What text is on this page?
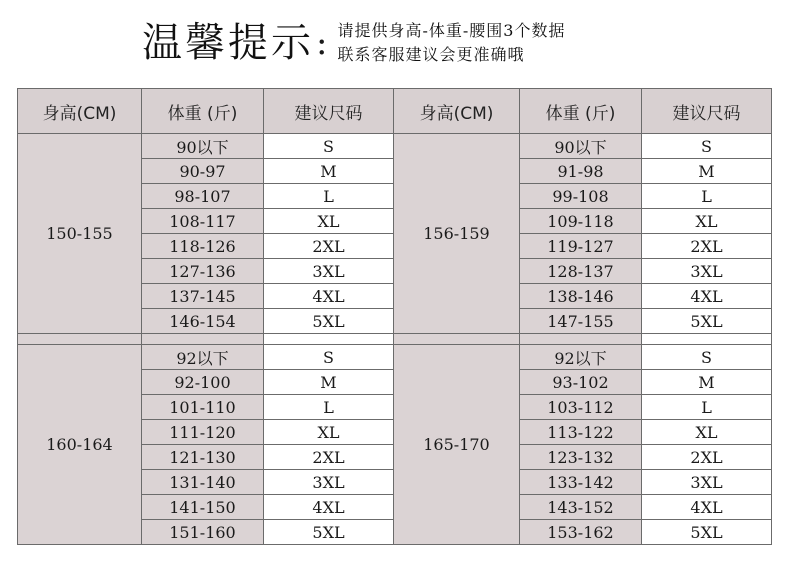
温馨提示 : 请提供身高-体重-腰围3个数据
联系客服建议会更准确哦
身高(CM)	体重 (斤)	建议尺码	身高(CM)	体重 (斤)	建议尺码
150-155	90以下	S	156-159	90以下	S
	90-97	M		91-98	M
	98-107	L		99-108	L
	108-117	XL		109-118	XL
	118-126	2XL		119-127	2XL
	127-136	3XL		128-137	3XL
	137-145	4XL		138-146	4XL
	146-154	5XL		147-155	5XL

160-164	92以下	S	165-170	92以下	S
	92-100	M		93-102	M
	101-110	L		103-112	L
	111-120	XL		113-122	XL
	121-130	2XL		123-132	2XL
	131-140	3XL		133-142	3XL
	141-150	4XL		143-152	4XL
	151-160	5XL		153-162	5XL
